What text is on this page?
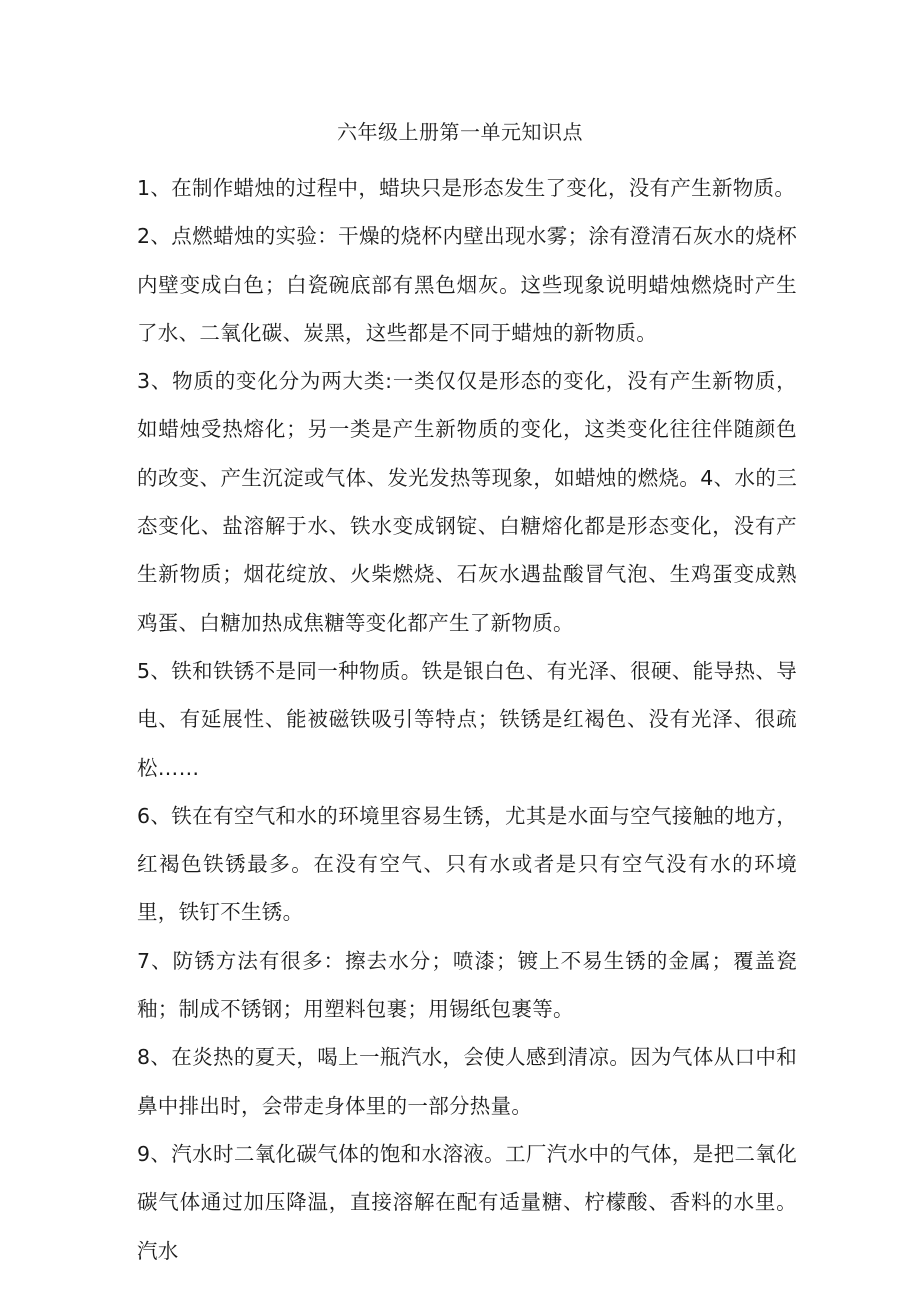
六年级上册第一单元知识点

1、在制作蜡烛的过程中，蜡块只是形态发生了变化，没有产生新物质。

2、点燃蜡烛的实验：干燥的烧杯内壁出现水雾；涂有澄清石灰水的烧杯内壁变成白色；白瓷碗底部有黑色烟灰。这些现象说明蜡烛燃烧时产生了水、二氧化碳、炭黑，这些都是不同于蜡烛的新物质。

3、物质的变化分为两大类:一类仅仅是形态的变化，没有产生新物质，如蜡烛受热熔化；另一类是产生新物质的变化，这类变化往往伴随颜色的改变、产生沉淀或气体、发光发热等现象，如蜡烛的燃烧。4、水的三态变化、盐溶解于水、铁水变成钢锭、白糖熔化都是形态变化，没有产生新物质；烟花绽放、火柴燃烧、石灰水遇盐酸冒气泡、生鸡蛋变成熟鸡蛋、白糖加热成焦糖等变化都产生了新物质。

5、铁和铁锈不是同一种物质。铁是银白色、有光泽、很硬、能导热、导电、有延展性、能被磁铁吸引等特点；铁锈是红褐色、没有光泽、很疏松……

6、铁在有空气和水的环境里容易生锈，尤其是水面与空气接触的地方，红褐色铁锈最多。在没有空气、只有水或者是只有空气没有水的环境里，铁钉不生锈。

7、防锈方法有很多：擦去水分；喷漆；镀上不易生锈的金属；覆盖瓷釉；制成不锈钢；用塑料包裹；用锡纸包裹等。

8、在炎热的夏天，喝上一瓶汽水，会使人感到清凉。因为气体从口中和鼻中排出时，会带走身体里的一部分热量。

9、汽水时二氧化碳气体的饱和水溶液。工厂汽水中的气体，是把二氧化碳气体通过加压降温，直接溶解在配有适量糖、柠檬酸、香料的水里。汽水
